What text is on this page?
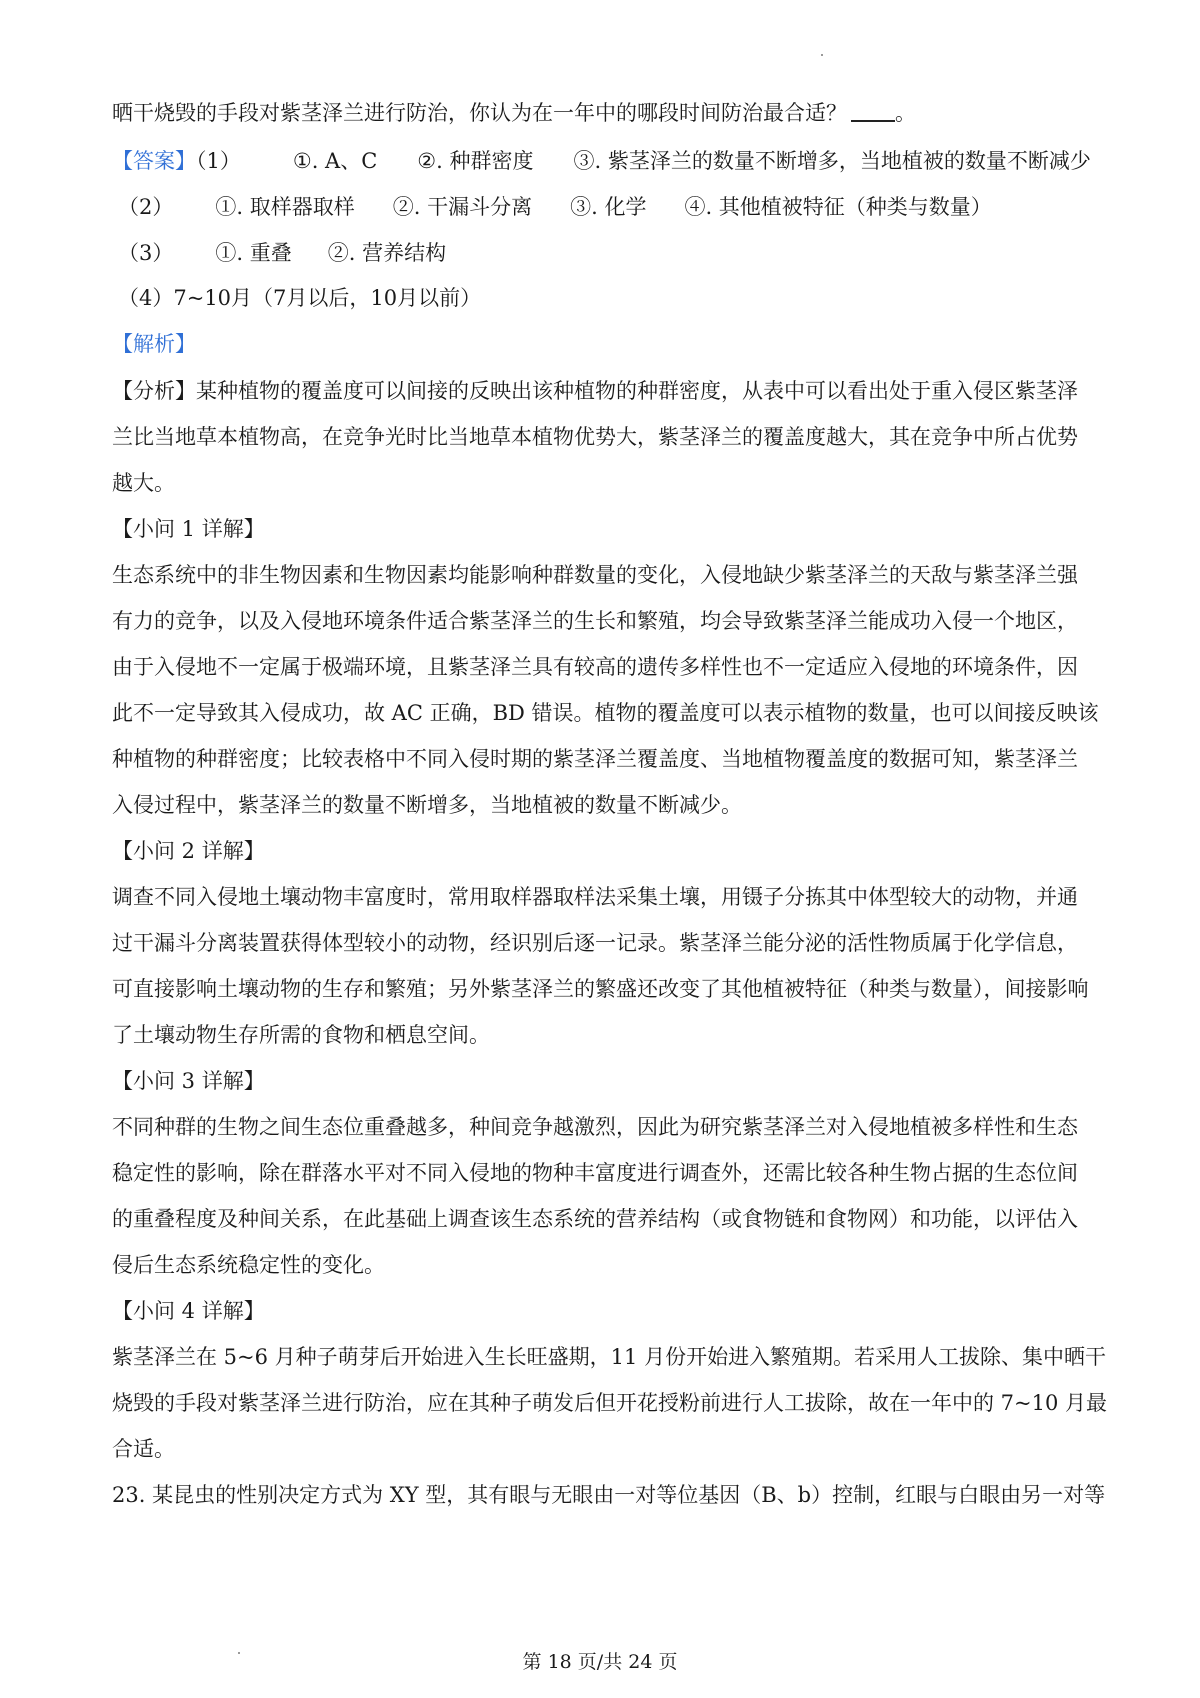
晒干烧毁的手段对紫茎泽兰进行防治，你认为在一年中的哪段时间防治最合适？ 。
【答案】（1） ①. A、C ②. 种群密度 ③. 紫茎泽兰的数量不断增多，当地植被的数量不断减少
（2） ①. 取样器取样 ②. 干漏斗分离 ③. 化学 ④. 其他植被特征（种类与数量）
（3） ①. 重叠 ②. 营养结构
（4）7~10月（7月以后，10月以前）
【解析】
【分析】某种植物的覆盖度可以间接的反映出该种植物的种群密度，从表中可以看出处于重入侵区紫茎泽
兰比当地草本植物高，在竞争光时比当地草本植物优势大，紫茎泽兰的覆盖度越大，其在竞争中所占优势
越大。
【小问 1 详解】
生态系统中的非生物因素和生物因素均能影响种群数量的变化，入侵地缺少紫茎泽兰的天敌与紫茎泽兰强
有力的竞争，以及入侵地环境条件适合紫茎泽兰的生长和繁殖，均会导致紫茎泽兰能成功入侵一个地区，
由于入侵地不一定属于极端环境，且紫茎泽兰具有较高的遗传多样性也不一定适应入侵地的环境条件，因
此不一定导致其入侵成功，故 AC 正确，BD 错误。植物的覆盖度可以表示植物的数量，也可以间接反映该
种植物的种群密度；比较表格中不同入侵时期的紫茎泽兰覆盖度、当地植物覆盖度的数据可知，紫茎泽兰
入侵过程中，紫茎泽兰的数量不断增多，当地植被的数量不断减少。
【小问 2 详解】
调查不同入侵地土壤动物丰富度时，常用取样器取样法采集土壤，用镊子分拣其中体型较大的动物，并通
过干漏斗分离装置获得体型较小的动物，经识别后逐一记录。紫茎泽兰能分泌的活性物质属于化学信息，
可直接影响土壤动物的生存和繁殖；另外紫茎泽兰的繁盛还改变了其他植被特征（种类与数量），间接影响
了土壤动物生存所需的食物和栖息空间。
【小问 3 详解】
不同种群的生物之间生态位重叠越多，种间竞争越激烈，因此为研究紫茎泽兰对入侵地植被多样性和生态
稳定性的影响，除在群落水平对不同入侵地的物种丰富度进行调查外，还需比较各种生物占据的生态位间
的重叠程度及种间关系，在此基础上调查该生态系统的营养结构（或食物链和食物网）和功能，以评估入
侵后生态系统稳定性的变化。
【小问 4 详解】
紫茎泽兰在 5~6 月种子萌芽后开始进入生长旺盛期，11 月份开始进入繁殖期。若采用人工拔除、集中晒干
烧毁的手段对紫茎泽兰进行防治，应在其种子萌发后但开花授粉前进行人工拔除，故在一年中的 7~10 月最
合适。
23. 某昆虫的性别决定方式为 XY 型，其有眼与无眼由一对等位基因（B、b）控制，红眼与白眼由另一对等
第 18 页/共 24 页
